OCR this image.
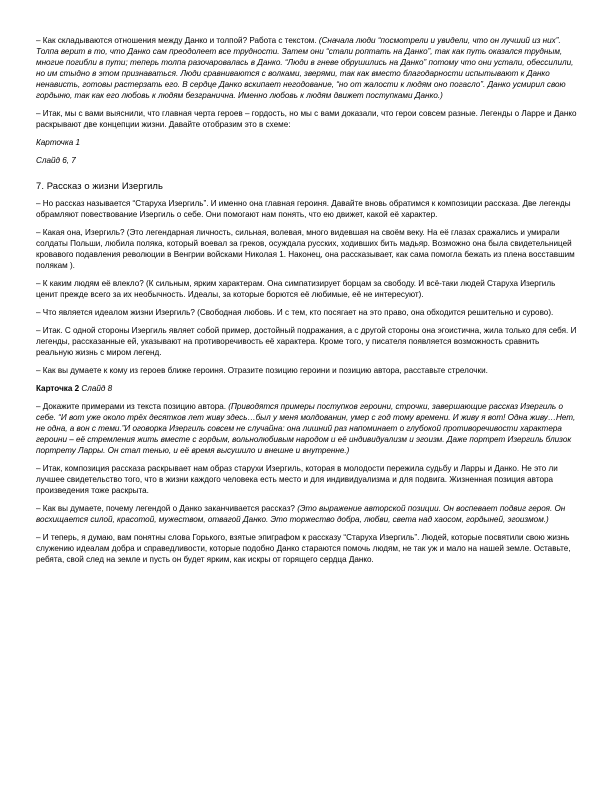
– Как складываются отношения между Данко и толпой? Работа с текстом. (Сначала люди “посмотрели и увидели, что он лучший из них”. Толпа верит в то, что Данко сам преодолеет все трудности. Затем они “стали роптать на Данко”, так как путь оказался трудным, многие погибли в пути; теперь толпа разочаровалась в Данко. “Люди в гневе обрушились на Данко” потому что они устали, обессилили, но им стыдно в этом признаваться. Люди сравниваются с волками, зверями, так как вместо благодарности испытывают к Данко ненависть, готовы растерзать его. В сердце Данко вскипает негодование, “но от жалости к людям оно погасло”. Данко усмирил свою гордыню, так как его любовь к людям безгранична. Именно любовь к людям движет поступками Данко.)

– Итак, мы с вами выяснили, что главная черта героев – гордость, но мы с вами доказали, что герои совсем разные. Легенды о Ларре и Данко раскрывают две концепции жизни. Давайте отобразим это в схеме:

Карточка 1

Слайд 6, 7

7. Рассказ о жизни Изергиль

– Но рассказ называется “Старуха Изергиль”. И именно она главная героиня. Давайте вновь обратимся к композиции рассказа. Две легенды обрамляют повествование Изергиль о себе. Они помогают нам понять, что ею движет, какой её характер.

– Какая она, Изергиль? (Это легендарная личность, сильная, волевая, много видевшая на своём веку. На её глазах сражались и умирали солдаты Польши, любила поляка, который воевал за греков, осуждала русских, ходивших бить мадьяр. Возможно она была свидетельницей кровавого подавления революции в Венгрии войсками Николая 1. Наконец, она рассказывает, как сама помогла бежать из плена восставшим полякам ).

– К каким людям её влекло? (К сильным, ярким характерам. Она симпатизирует борцам за свободу. И всё-таки людей Старуха Изергиль ценит прежде всего за их необычность. Идеалы, за которые борются её любимые, её не интересуют).

– Что является идеалом жизни Изергиль? (Свободная любовь. И с тем, кто посягает на это право, она обходится решительно и сурово).

– Итак. С одной стороны Изергиль являет собой пример, достойный подражания, а с другой стороны она эгоистична, жила только для себя. И легенды, рассказанные ей, указывают на противоречивость её характера. Кроме того, у писателя появляется возможность сравнить реальную жизнь с миром легенд.

– Как вы думаете к кому из героев ближе героиня. Отразите позицию героини и позицию автора, расставьте стрелочки.

Карточка 2 Слайд 8

– Докажите примерами из текста позицию автора. (Приводятся примеры поступков героини, строчки, завершающие рассказ Изергиль о себе. “И вот уже около трёх десятков лет живу здесь…был у меня молдованин, умер с год тому времени. И живу я вот! Одна живу…Нет, не одна, а вон с теми.”И оговорка Изергиль совсем не случайна: она лишний раз напоминает о глубокой противоречивости характера героини – её стремления жить вместе с гордым, вольнолюбивым народом и её индивидуализм и эгоизм. Даже портрет Изергиль близок портрету Ларры. Он стал тенью, и её время высушило и внешне и внутренне.)

– Итак, композиция рассказа раскрывает нам образ старухи Изергиль, которая в молодости пережила судьбу и Ларры и Данко. Не это ли лучшее свидетельство того, что в жизни каждого человека есть место и для индивидуализма и для подвига. Жизненная позиция автора произведения тоже раскрыта.

– Как вы думаете, почему легендой о Данко заканчивается рассказ? (Это выражение авторской позиции. Он воспевает подвиг героя. Он восхищается силой, красотой, мужеством, отвагой Данко. Это торжество добра, любви, света над хаосом, гордыней, эгоизмом.)

– И теперь, я думаю, вам понятны слова Горького, взятые эпиграфом к рассказу “Старуха Изергиль”. Людей, которые посвятили свою жизнь служению идеалам добра и справедливости, которые подобно Данко стараются помочь людям, не так уж и мало на нашей земле. Оставьте, ребята, свой след на земле и пусть он будет ярким, как искры от горящего сердца Данко.
